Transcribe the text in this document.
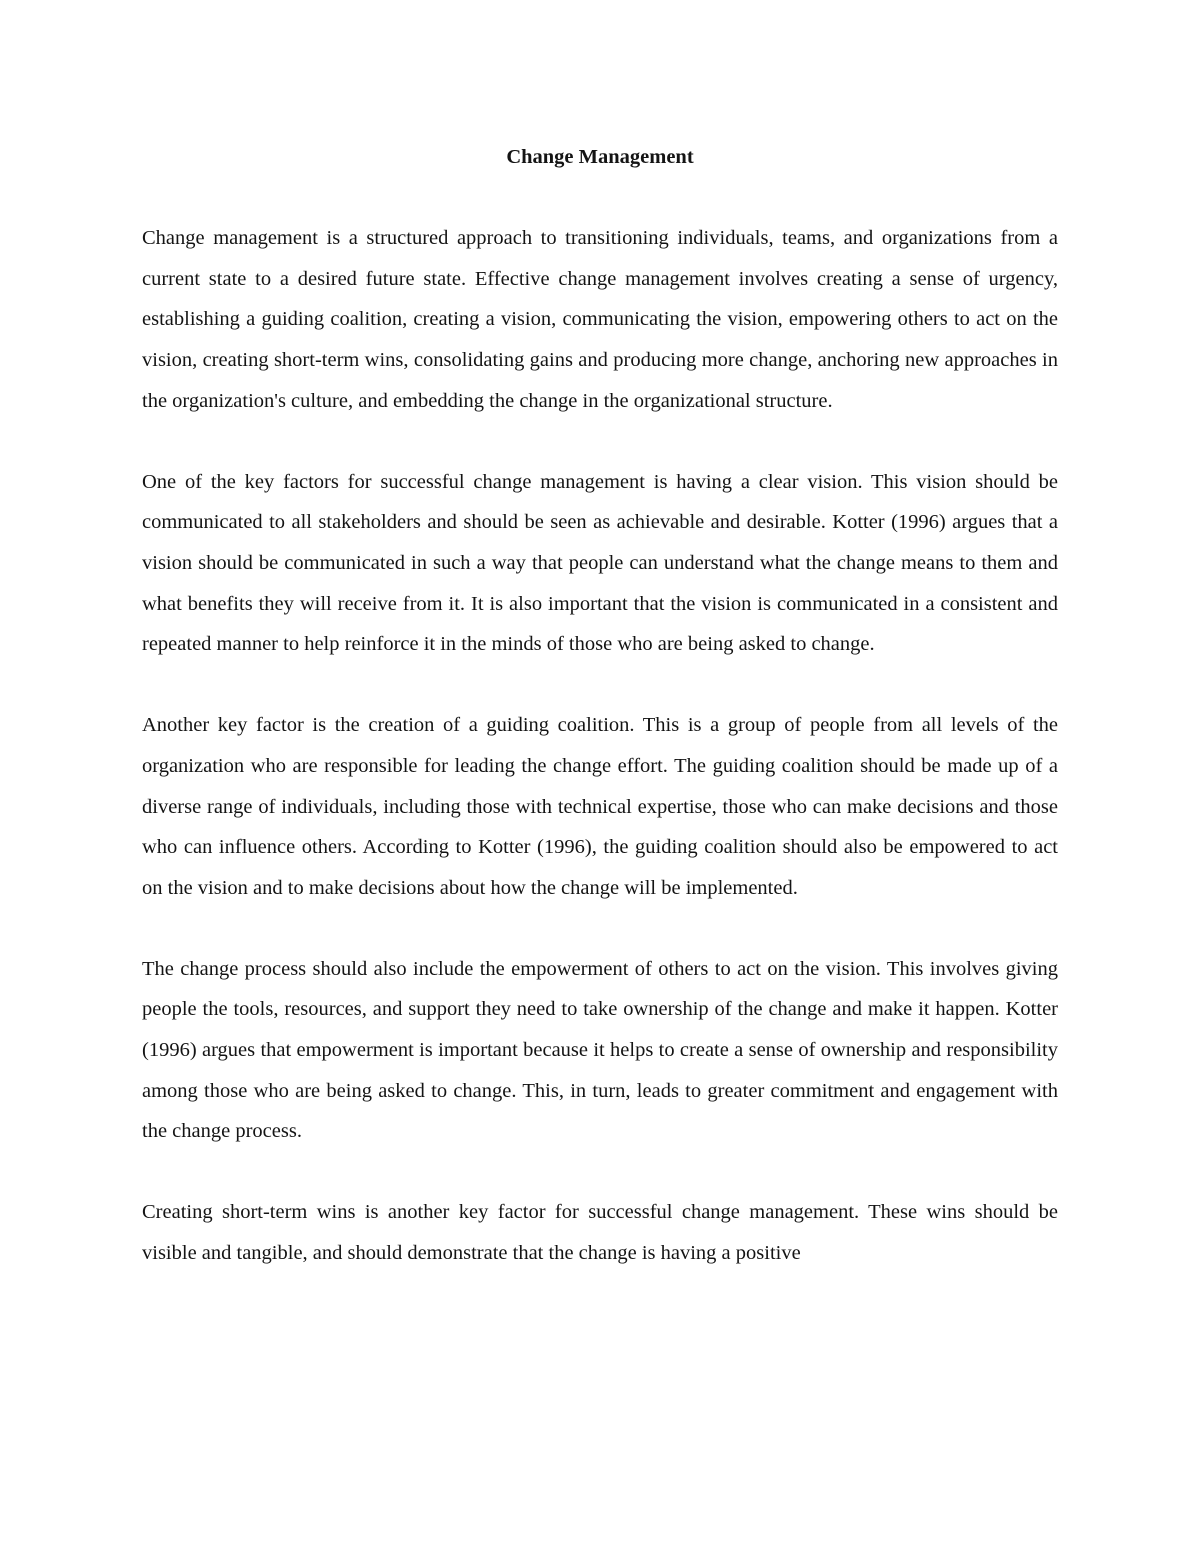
Change Management

Change management is a structured approach to transitioning individuals, teams, and organizations from a current state to a desired future state. Effective change management involves creating a sense of urgency, establishing a guiding coalition, creating a vision, communicating the vision, empowering others to act on the vision, creating short-term wins, consolidating gains and producing more change, anchoring new approaches in the organization's culture, and embedding the change in the organizational structure.

One of the key factors for successful change management is having a clear vision. This vision should be communicated to all stakeholders and should be seen as achievable and desirable. Kotter (1996) argues that a vision should be communicated in such a way that people can understand what the change means to them and what benefits they will receive from it. It is also important that the vision is communicated in a consistent and repeated manner to help reinforce it in the minds of those who are being asked to change.

Another key factor is the creation of a guiding coalition. This is a group of people from all levels of the organization who are responsible for leading the change effort. The guiding coalition should be made up of a diverse range of individuals, including those with technical expertise, those who can make decisions and those who can influence others. According to Kotter (1996), the guiding coalition should also be empowered to act on the vision and to make decisions about how the change will be implemented.

The change process should also include the empowerment of others to act on the vision. This involves giving people the tools, resources, and support they need to take ownership of the change and make it happen. Kotter (1996) argues that empowerment is important because it helps to create a sense of ownership and responsibility among those who are being asked to change. This, in turn, leads to greater commitment and engagement with the change process.

Creating short-term wins is another key factor for successful change management. These wins should be visible and tangible, and should demonstrate that the change is having a positive
